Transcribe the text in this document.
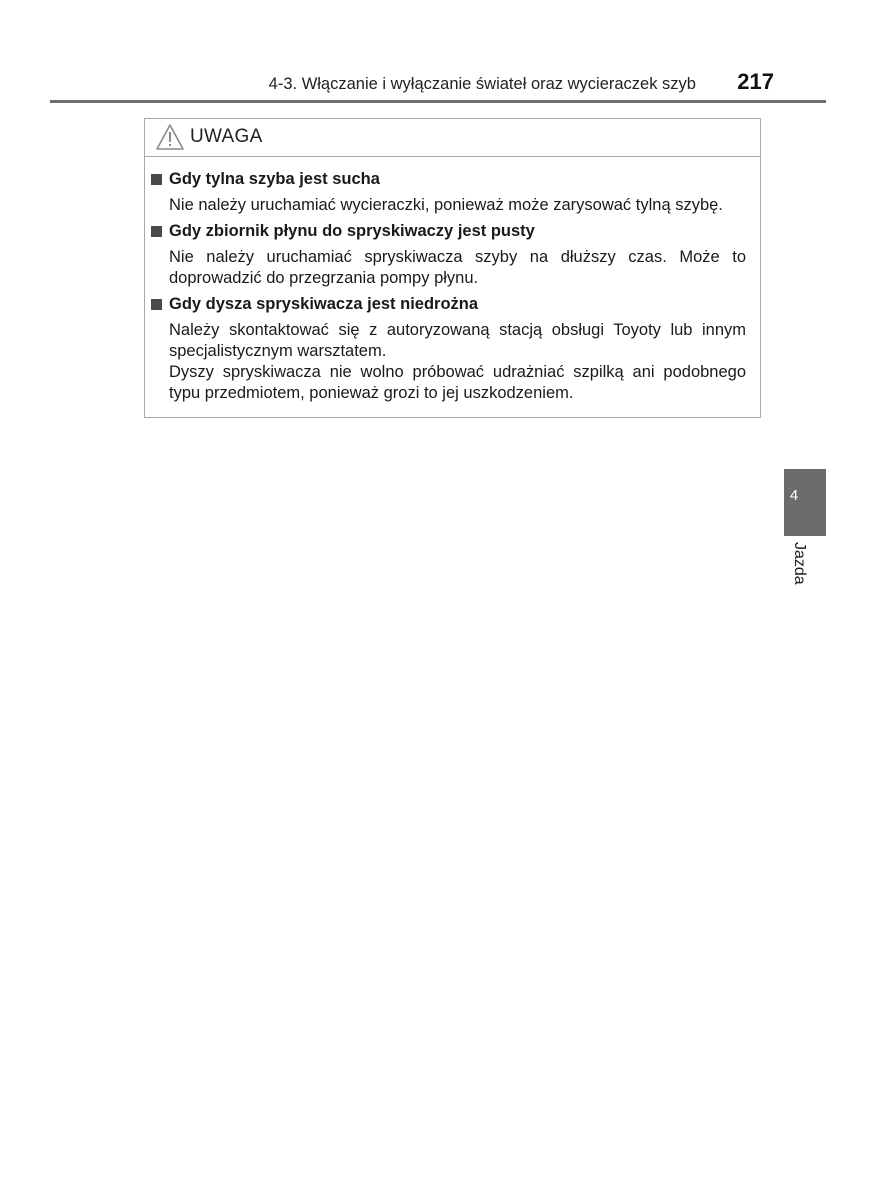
4-3. Włączanie i wyłączanie świateł oraz wycieraczek szyb 217
UWAGA
Gdy tylna szyba jest sucha
Nie należy uruchamiać wycieraczki, ponieważ może zarysować tylną szybę.
Gdy zbiornik płynu do spryskiwaczy jest pusty
Nie należy uruchamiać spryskiwacza szyby na dłuższy czas. Może to doprowadzić do przegrzania pompy płynu.
Gdy dysza spryskiwacza jest niedrożna
Należy skontaktować się z autoryzowaną stacją obsługi Toyoty lub innym specjalistycznym warsztatem.
Dyszy spryskiwacza nie wolno próbować udrażniać szpilką ani podobnego typu przedmiotem, ponieważ grozi to jej uszkodzeniem.
4
Jazda
